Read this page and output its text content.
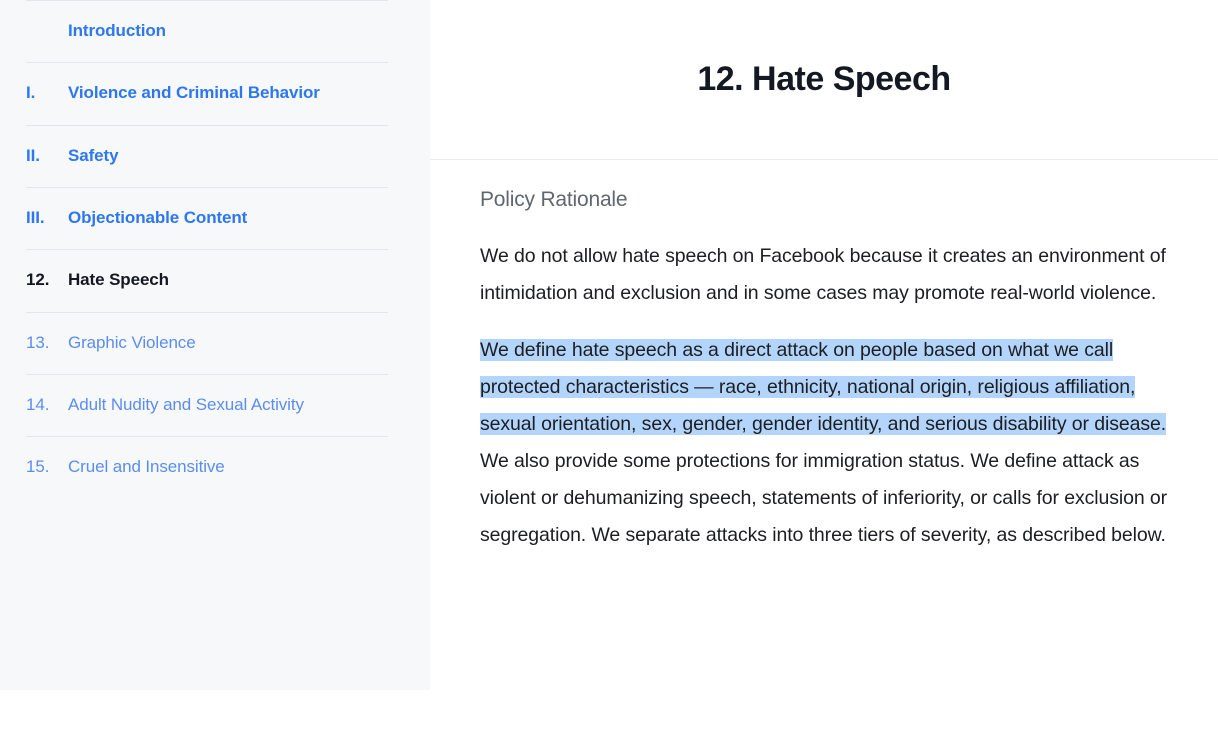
Introduction
I.	Violence and Criminal Behavior
II.	Safety
III.	Objectionable Content
12.	Hate Speech
13.	Graphic Violence
14.	Adult Nudity and Sexual Activity
15.	Cruel and Insensitive
12. Hate Speech
Policy Rationale

We do not allow hate speech on Facebook because it creates an environment of intimidation and exclusion and in some cases may promote real-world violence.

We define hate speech as a direct attack on people based on what we call protected characteristics — race, ethnicity, national origin, religious affiliation, sexual orientation, sex, gender, gender identity, and serious disability or disease. We also provide some protections for immigration status. We define attack as violent or dehumanizing speech, statements of inferiority, or calls for exclusion or segregation. We separate attacks into three tiers of severity, as described below.
